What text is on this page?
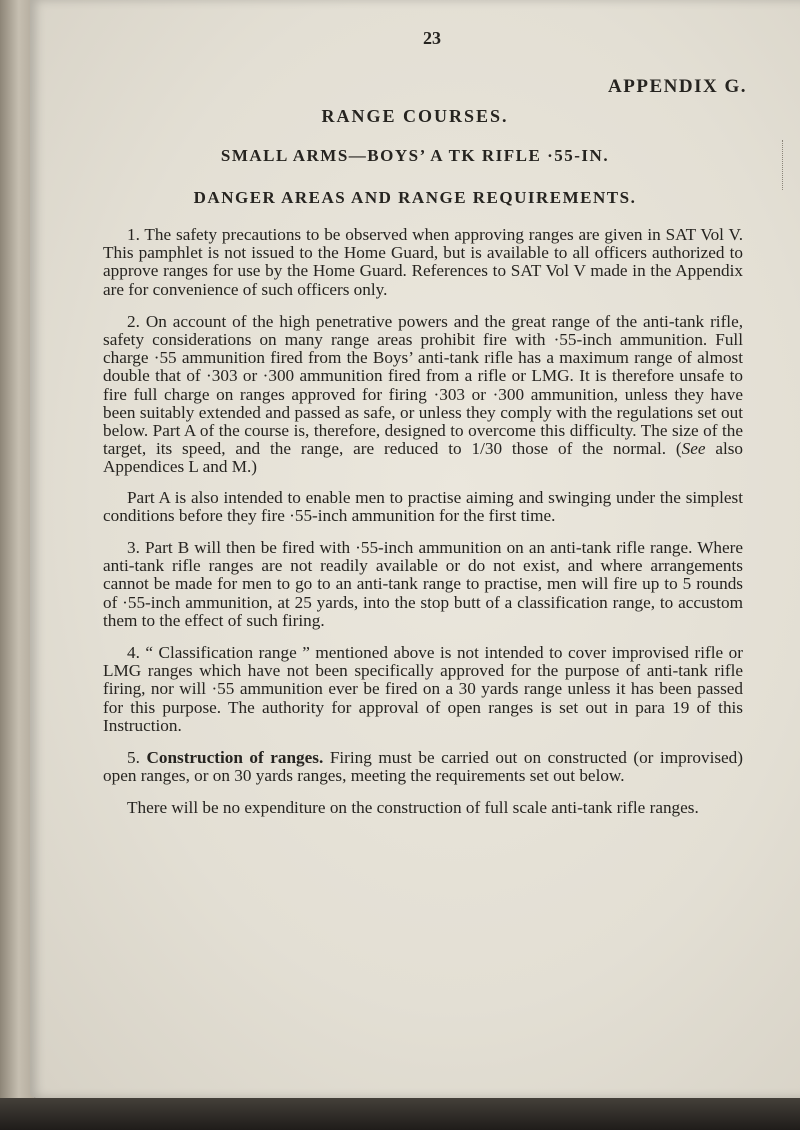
23
APPENDIX G.
RANGE COURSES.
SMALL ARMS—BOYS’ A TK RIFLE ·55-IN.
DANGER AREAS AND RANGE REQUIREMENTS.

1. The safety precautions to be observed when approving ranges are given in SAT Vol V. This pamphlet is not issued to the Home Guard, but is available to all officers authorized to approve ranges for use by the Home Guard. References to SAT Vol V made in the Appendix are for convenience of such officers only.

2. On account of the high penetrative powers and the great range of the anti-tank rifle, safety considerations on many range areas prohibit fire with ·55-inch ammunition. Full charge ·55 ammunition fired from the Boys’ anti-tank rifle has a maximum range of almost double that of ·303 or ·300 ammunition fired from a rifle or LMG. It is therefore unsafe to fire full charge on ranges approved for firing ·303 or ·300 ammunition, unless they have been suitably extended and passed as safe, or unless they comply with the regulations set out below. Part A of the course is, therefore, designed to overcome this difficulty. The size of the target, its speed, and the range, are reduced to 1/30 those of the normal. (See also Appendices L and M.)

Part A is also intended to enable men to practise aiming and swinging under the simplest conditions before they fire ·55-inch ammunition for the first time.

3. Part B will then be fired with ·55-inch ammunition on an anti-tank rifle range. Where anti-tank rifle ranges are not readily available or do not exist, and where arrangements cannot be made for men to go to an anti-tank range to practise, men will fire up to 5 rounds of ·55-inch ammunition, at 25 yards, into the stop butt of a classification range, to accustom them to the effect of such firing.

4. “ Classification range ” mentioned above is not intended to cover improvised rifle or LMG ranges which have not been specifically approved for the purpose of anti-tank rifle firing, nor will ·55 ammunition ever be fired on a 30 yards range unless it has been passed for this purpose. The authority for approval of open ranges is set out in para 19 of this Instruction.

5. Construction of ranges. Firing must be carried out on constructed (or improvised) open ranges, or on 30 yards ranges, meeting the requirements set out below.

There will be no expenditure on the construction of full scale anti-tank rifle ranges.
